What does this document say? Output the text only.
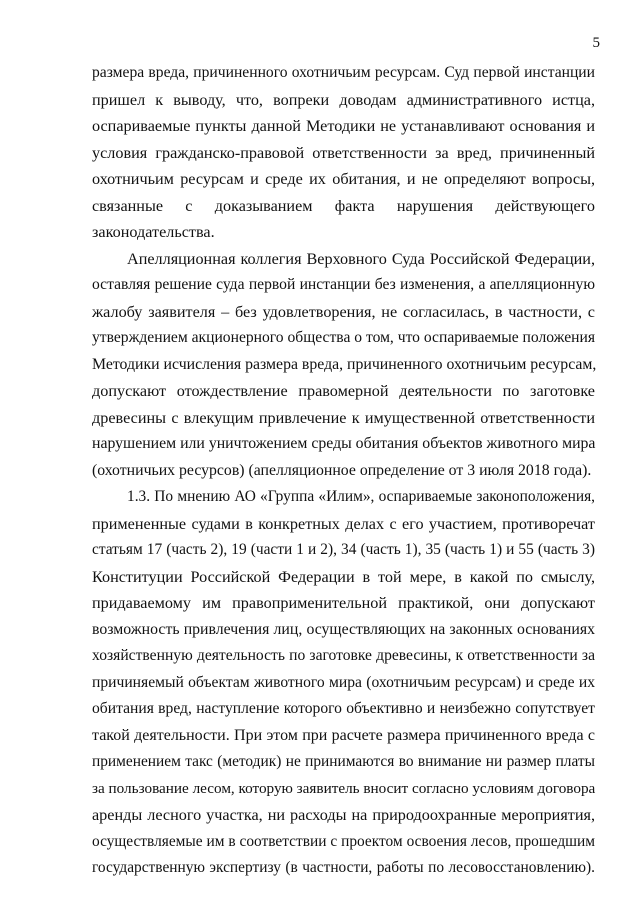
5
размера вреда, причиненного охотничьим ресурсам. Суд первой инстанции
пришел к выводу, что, вопреки доводам административного истца,
оспариваемые пункты данной Методики не устанавливают основания и
условия гражданско-правовой ответственности за вред, причиненный
охотничьим ресурсам и среде их обитания, и не определяют вопросы,
связанные с доказыванием факта нарушения действующего
законодательства.
Апелляционная коллегия Верховного Суда Российской Федерации,
оставляя решение суда первой инстанции без изменения, а апелляционную
жалобу заявителя – без удовлетворения, не согласилась, в частности, с
утверждением акционерного общества о том, что оспариваемые положения
Методики исчисления размера вреда, причиненного охотничьим ресурсам,
допускают отождествление правомерной деятельности по заготовке
древесины с влекущим привлечение к имущественной ответственности
нарушением или уничтожением среды обитания объектов животного мира
(охотничьих ресурсов) (апелляционное определение от 3 июля 2018 года).
1.3. По мнению АО «Группа «Илим», оспариваемые законоположения,
примененные судами в конкретных делах с его участием, противоречат
статьям 17 (часть 2), 19 (части 1 и 2), 34 (часть 1), 35 (часть 1) и 55 (часть 3)
Конституции Российской Федерации в той мере, в какой по смыслу,
придаваемому им правоприменительной практикой, они допускают
возможность привлечения лиц, осуществляющих на законных основаниях
хозяйственную деятельность по заготовке древесины, к ответственности за
причиняемый объектам животного мира (охотничьим ресурсам) и среде их
обитания вред, наступление которого объективно и неизбежно сопутствует
такой деятельности. При этом при расчете размера причиненного вреда с
применением такс (методик) не принимаются во внимание ни размер платы
за пользование лесом, которую заявитель вносит согласно условиям договора
аренды лесного участка, ни расходы на природоохранные мероприятия,
осуществляемые им в соответствии с проектом освоения лесов, прошедшим
государственную экспертизу (в частности, работы по лесовосстановлению).
